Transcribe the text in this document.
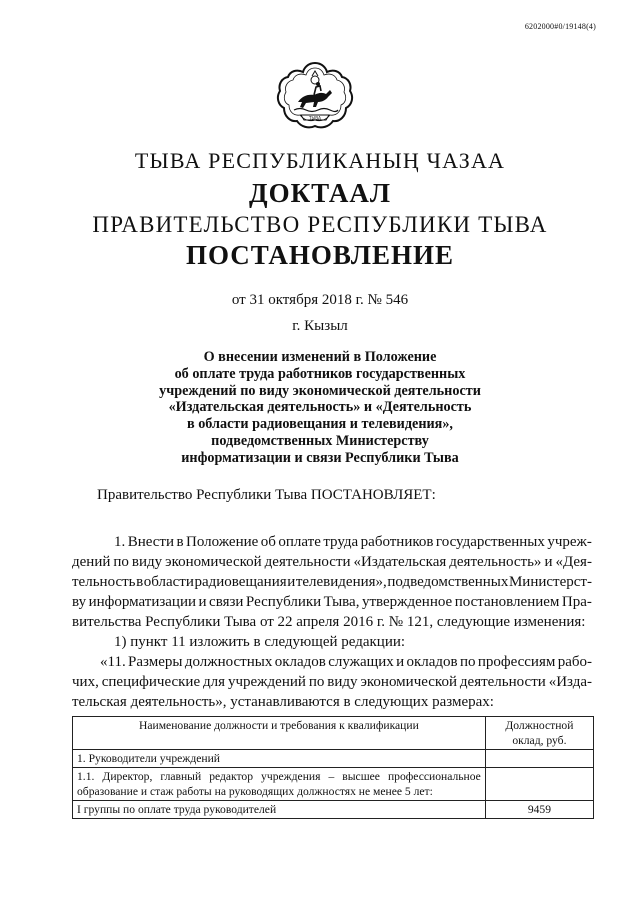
6202000#0/19148(4)
ТЫВА
ТЫВА РЕСПУБЛИКАНЫҢ ЧАЗАА
ДОКТААЛ
ПРАВИТЕЛЬСТВО РЕСПУБЛИКИ ТЫВА
ПОСТАНОВЛЕНИЕ
от 31 октября 2018 г. № 546
г. Кызыл
О внесении изменений в Положение
об оплате труда работников государственных
учреждений по виду экономической деятельности
«Издательская деятельность» и «Деятельность
в области радиовещания и телевидения»,
подведомственных Министерству
информатизации и связи Республики Тыва
Правительство Республики Тыва ПОСТАНОВЛЯЕТ:
1. Внести в Положение об оплате труда работников государственных учреж-
дений по виду экономической деятельности «Издательская деятельность» и «Дея-
тельность в области радиовещания и телевидения», подведомственных Министерст-
ву информатизации и связи Республики Тыва, утвержденное постановлением Пра-
вительства Республики Тыва от 22 апреля 2016 г. № 121, следующие изменения:
1) пункт 11 изложить в следующей редакции:
«11. Размеры должностных окладов служащих и окладов по профессиям рабо-
чих, специфические для учреждений по виду экономической деятельности «Изда-
тельская деятельность», устанавливаются в следующих размерах:
Наименование должности и требования к квалификации	Должностной оклад, руб.
1. Руководители учреждений	
1.1. Директор, главный редактор учреждения – высшее профессиональное образование и стаж работы на руководящих должностях не менее 5 лет:	
I группы по оплате труда руководителей	9459
